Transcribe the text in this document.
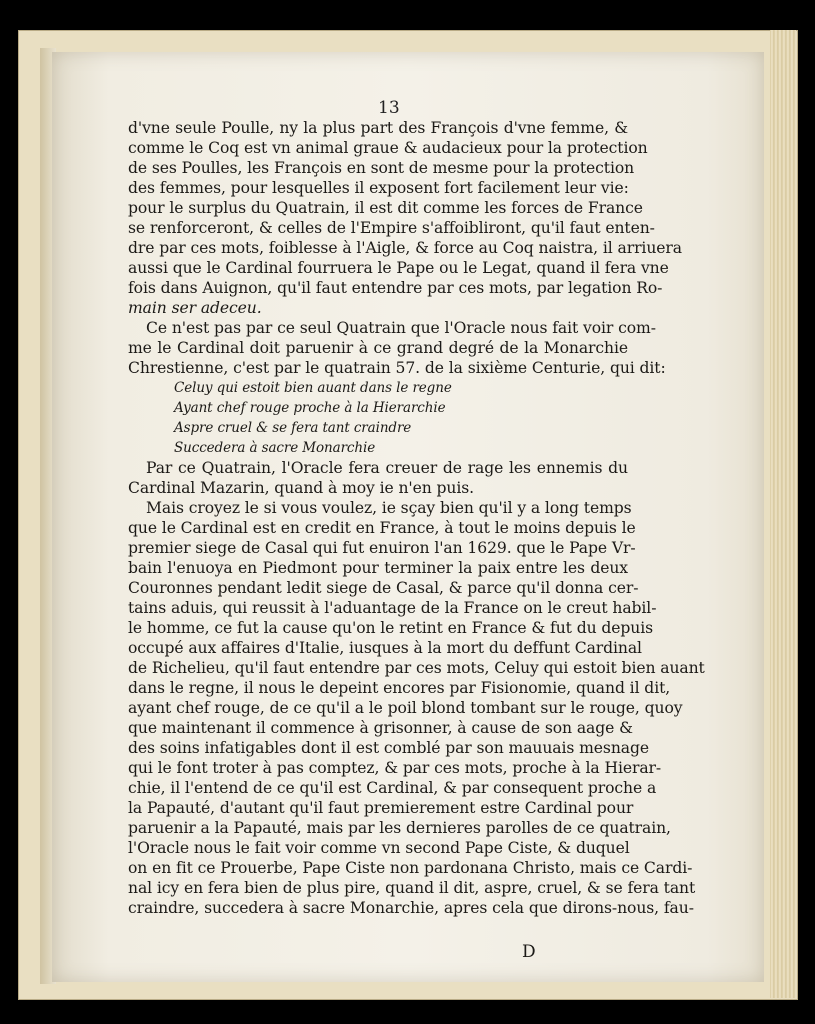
13
d'vne seule Poulle, ny la plus part des François d'vne femme, &
comme le Coq est vn animal graue & audacieux pour la protection
de ses Poulles, les François en sont de mesme pour la protection
des femmes, pour lesquelles il exposent fort facilement leur vie:
pour le surplus du Quatrain, il est dit comme les forces de France
se renforceront, & celles de l'Empire s'affoibliront, qu'il faut enten-
dre par ces mots, foiblesse à l'Aigle, & force au Coq naistra, il arriuera
aussi que le Cardinal fourruera le Pape ou le Legat, quand il fera vne
fois dans Auignon, qu'il faut entendre par ces mots, par legation Ro-
main ser adeceu.
Ce n'est pas par ce seul Quatrain que l'Oracle nous fait voir com-
me le Cardinal doit paruenir à ce grand degré de la Monarchie
Chrestienne, c'est par le quatrain 57. de la sixième Centurie, qui dit:
Celuy qui estoit bien auant dans le regne
Ayant chef rouge proche à la Hierarchie
Aspre cruel & se fera tant craindre
Succedera à sacre Monarchie
Par ce Quatrain, l'Oracle fera creuer de rage les ennemis du
Cardinal Mazarin, quand à moy ie n'en puis.
Mais croyez le si vous voulez, ie sçay bien qu'il y a long temps
que le Cardinal est en credit en France, à tout le moins depuis le
premier siege de Casal qui fut enuiron l'an 1629. que le Pape Vr-
bain l'enuoya en Piedmont pour terminer la paix entre les deux
Couronnes pendant ledit siege de Casal, & parce qu'il donna cer-
tains aduis, qui reussit à l'aduantage de la France on le creut habil-
le homme, ce fut la cause qu'on le retint en France & fut du depuis
occupé aux affaires d'Italie, iusques à la mort du deffunt Cardinal
de Richelieu, qu'il faut entendre par ces mots, Celuy qui estoit bien auant
dans le regne, il nous le depeint encores par Fisionomie, quand il dit,
ayant chef rouge, de ce qu'il a le poil blond tombant sur le rouge, quoy
que maintenant il commence à grisonner, à cause de son aage &
des soins infatigables dont il est comblé par son mauuais mesnage
qui le font troter à pas comptez, & par ces mots, proche à la Hierar-
chie, il l'entend de ce qu'il est Cardinal, & par consequent proche a
la Papauté, d'autant qu'il faut premierement estre Cardinal pour
paruenir a la Papauté, mais par les dernieres parolles de ce quatrain,
l'Oracle nous le fait voir comme vn second Pape Ciste, & duquel
on en fit ce Prouerbe, Pape Ciste non pardonana Christo, mais ce Cardi-
nal icy en fera bien de plus pire, quand il dit, aspre, cruel, & se fera tant
craindre, succedera à sacre Monarchie, apres cela que dirons-nous, fau-
D
